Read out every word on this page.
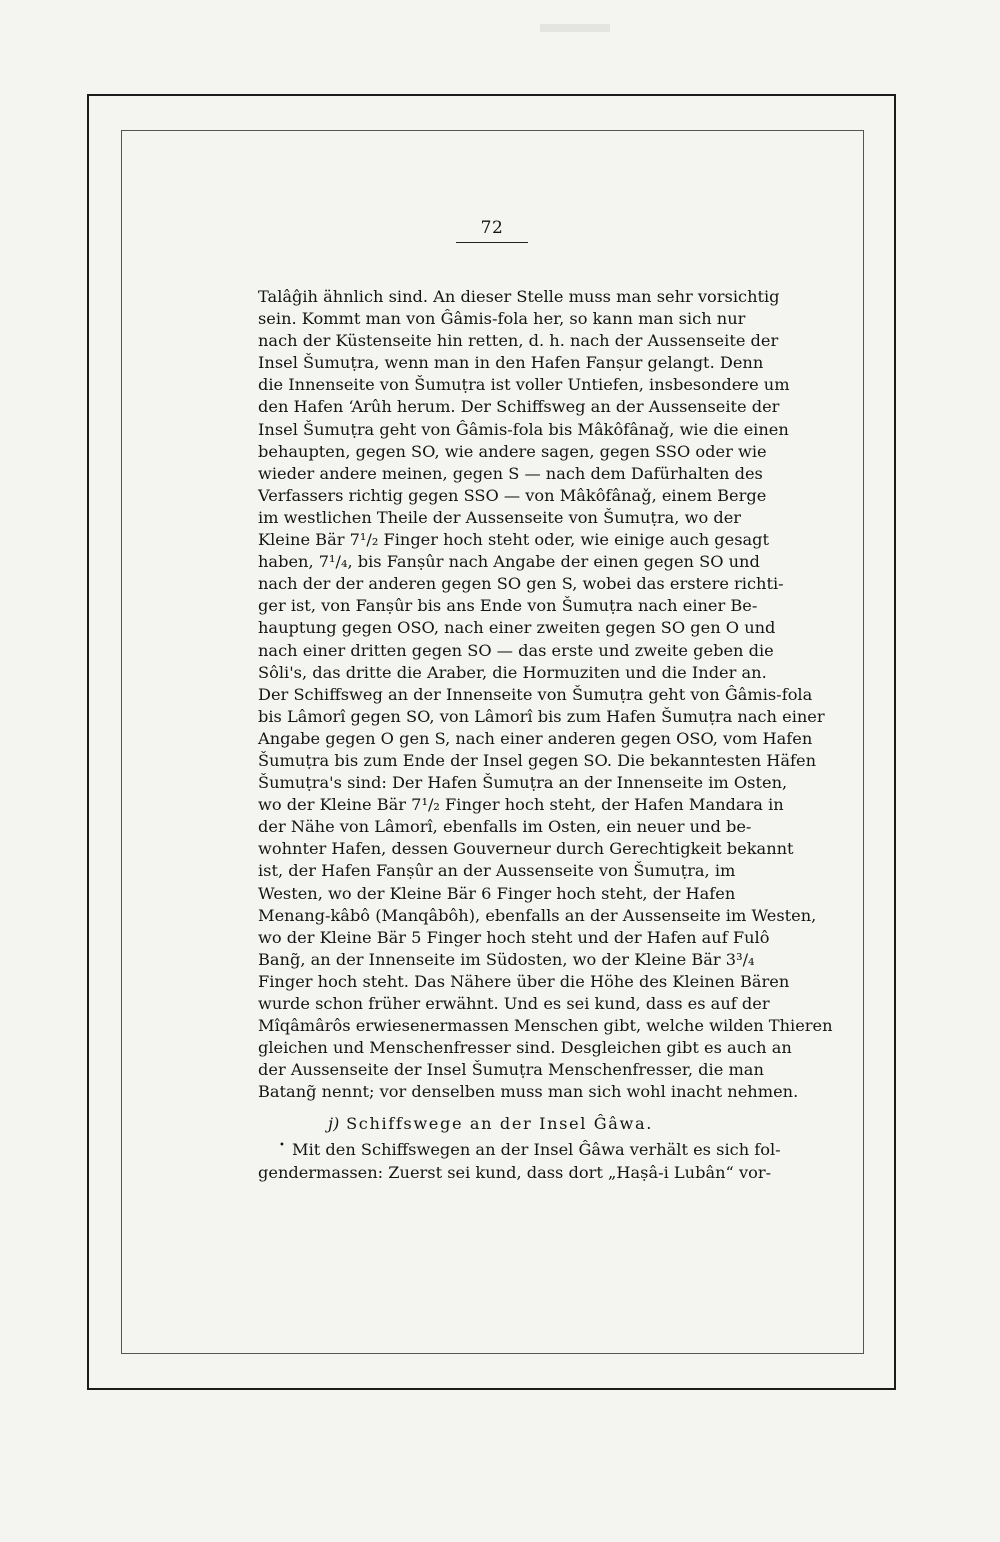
72
•
Talâĝih ähnlich sind. An dieser Stelle muss man sehr vorsichtig
sein. Kommt man von Ĝâmis-fola her, so kann man sich nur
nach der Küstenseite hin retten, d. h. nach der Aussenseite der
Insel Šumuṭra, wenn man in den Hafen Fanṣur gelangt. Denn
die Innenseite von Šumuṭra ist voller Untiefen, insbesondere um
den Hafen ʻArûh herum. Der Schiffsweg an der Aussenseite der
Insel Šumuṭra geht von Ĝâmis-fola bis Mâkôfânaǧ, wie die einen
behaupten, gegen SO, wie andere sagen, gegen SSO oder wie
wieder andere meinen, gegen S — nach dem Dafürhalten des
Verfassers richtig gegen SSO — von Mâkôfânaǧ, einem Berge
im westlichen Theile der Aussenseite von Šumuṭra, wo der
Kleine Bär 7¹/₂ Finger hoch steht oder, wie einige auch gesagt
haben, 7¹/₄, bis Fanṣûr nach Angabe der einen gegen SO und
nach der der anderen gegen SO gen S, wobei das erstere richti-
ger ist, von Fanṣûr bis ans Ende von Šumuṭra nach einer Be-
hauptung gegen OSO, nach einer zweiten gegen SO gen O und
nach einer dritten gegen SO — das erste und zweite geben die
Sôli's, das dritte die Araber, die Hormuziten und die Inder an.
Der Schiffsweg an der Innenseite von Šumuṭra geht von Ĝâmis-fola
bis Lâmorî gegen SO, von Lâmorî bis zum Hafen Šumuṭra nach einer
Angabe gegen O gen S, nach einer anderen gegen OSO, vom Hafen
Šumuṭra bis zum Ende der Insel gegen SO. Die bekanntesten Häfen
Šumuṭra's sind: Der Hafen Šumuṭra an der Innenseite im Osten,
wo der Kleine Bär 7¹/₂ Finger hoch steht, der Hafen Mandara in
der Nähe von Lâmorî, ebenfalls im Osten, ein neuer und be-
wohnter Hafen, dessen Gouverneur durch Gerechtigkeit bekannt
ist, der Hafen Fanṣûr an der Aussenseite von Šumuṭra, im
Westen, wo der Kleine Bär 6 Finger hoch steht, der Hafen
Menang-kâbô (Manqâbôh), ebenfalls an der Aussenseite im Westen,
wo der Kleine Bär 5 Finger hoch steht und der Hafen auf Fulô
Bang̃, an der Innenseite im Südosten, wo der Kleine Bär 3³/₄
Finger hoch steht. Das Nähere über die Höhe des Kleinen Bären
wurde schon früher erwähnt. Und es sei kund, dass es auf der
Mîqâmârôs erwiesenermassen Menschen gibt, welche wilden Thieren
gleichen und Menschenfresser sind. Desgleichen gibt es auch an
der Aussenseite der Insel Šumuṭra Menschenfresser, die man
Batang̃ nennt; vor denselben muss man sich wohl inacht nehmen.
j) Schiffswege an der Insel Ĝâwa.
Mit den Schiffswegen an der Insel Ĝâwa verhält es sich fol-
gendermassen: Zuerst sei kund, dass dort „Haṣâ-i Lubân“ vor-
